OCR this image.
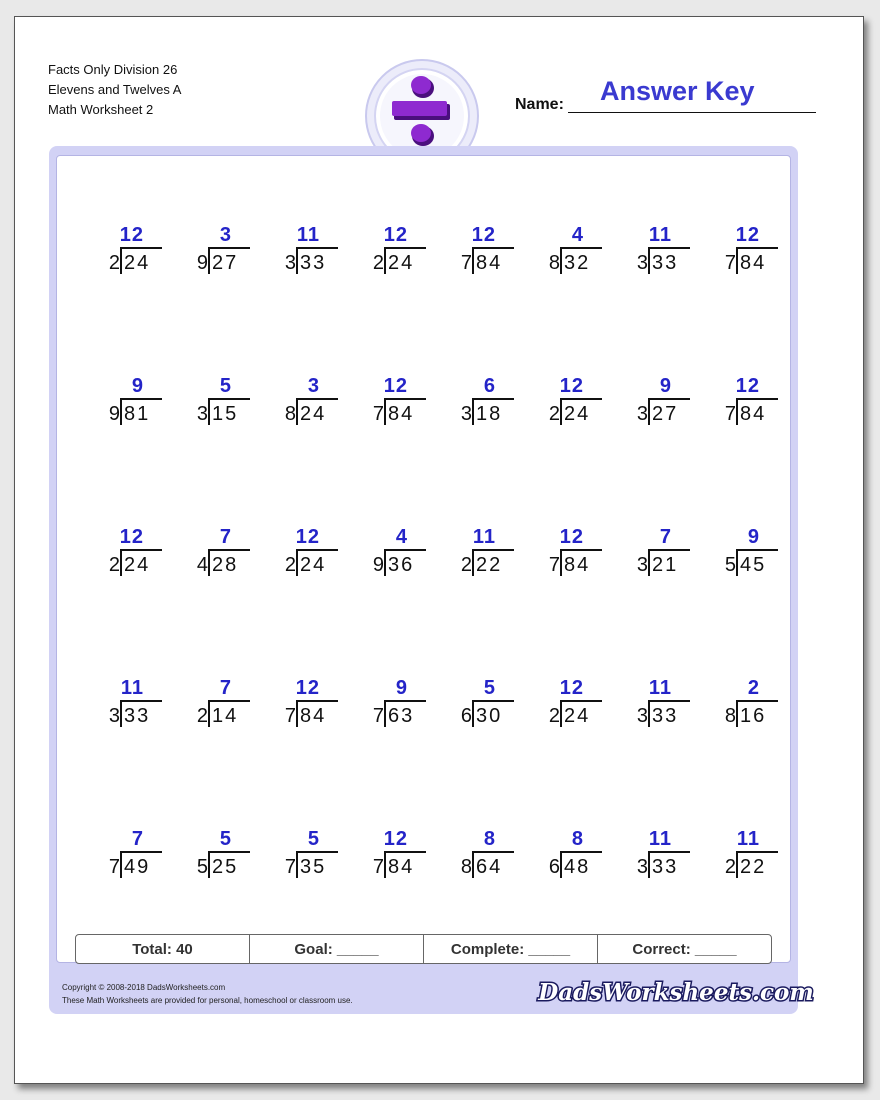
Facts Only Division 26
Elevens and Twelves A
Math Worksheet 2
Answer Key
Name:
12
2 24
3
9 27
11
3 33
12
2 24
12
7 84
4
8 32
11
3 33
12
7 84
9
9 81
5
3 15
3
8 24
12
7 84
6
3 18
12
2 24
9
3 27
12
7 84
12
2 24
7
4 28
12
2 24
4
9 36
11
2 22
12
7 84
7
3 21
9
5 45
11
3 33
7
2 14
12
7 84
9
7 63
5
6 30
12
2 24
11
3 33
2
8 16
7
7 49
5
5 25
5
7 35
12
7 84
8
8 64
8
6 48
11
3 33
11
2 22
Total: 40	Goal: _____	Complete: _____	Correct: _____
Copyright © 2008-2018 DadsWorksheets.com
These Math Worksheets are provided for personal, homeschool or classroom use.	DadsWorksheets.com
